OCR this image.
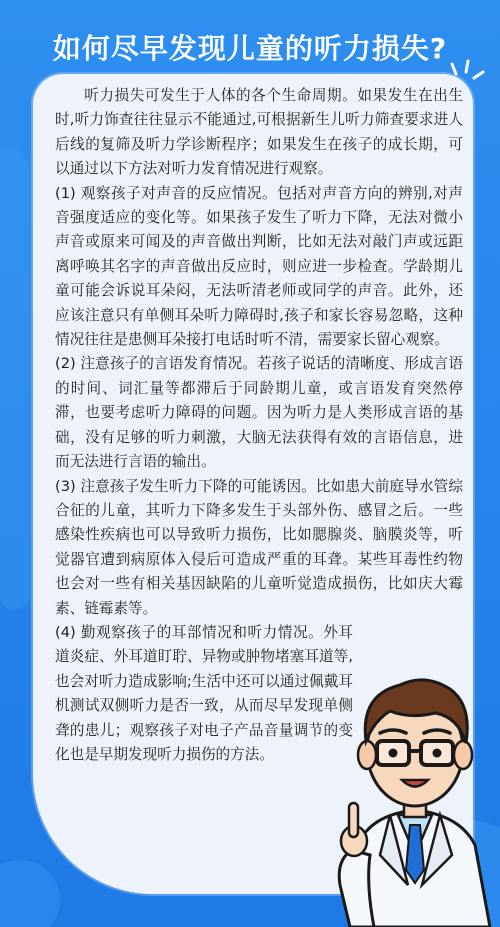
如何尽早发现儿童的听力损失?

听力损失可发生于人体的各个生命周期。如果发生在出生时,听力饰查往往显示不能通过,可根据新生儿听力筛查要求进人后线的复筛及听力学诊断程序；如果发生在孩子的成长期，可以通过以下方法对听力发育情况进行观察。

(1) 观察孩子对声音的反应情况。包括对声音方向的辨别,对声音强度适应的变化等。如果孩子发生了听力下降，无法对微小声音或原来可闻及的声音做出判断，比如无法对敲门声或远距离呼唤其名字的声音做出反应时，则应进一步检查。学龄期儿童可能会诉说耳朵闷，无法听清老师或同学的声音。此外，还应该注意只有单侧耳朵听力障碍时,孩子和家长容易忽略，这种情况往往是患侧耳朵接打电话时听不清，需要家长留心观察。

(2) 注意孩子的言语发育情况。若孩子说话的清晰度、形成言语的时间、词汇量等都滞后于同龄期儿童，或言语发育突然停滞，也要考虑听力障碍的问题。因为听力是人类形成言语的基础，没有足够的听力刺激，大脑无法获得有效的言语信息，进而无法进行言语的输出。

(3) 注意孩子发生听力下降的可能诱因。比如患大前庭导水管综合征的儿童，其听力下降多发生于头部外伤、感冒之后。一些感染性疾病也可以导致听力损伤，比如腮腺炎、脑膜炎等，听觉器官遭到病原体入侵后可造成严重的耳聋。某些耳毒性约物也会对一些有相关基因缺陷的儿童听觉造成损伤，比如庆大霉素、链霉素等。

(4) 勤观察孩子的耳部情况和听力情况。外耳道炎症、外耳道盯聍、异物或肿物堵塞耳道等,也会对听力造成影响;生活中还可以通过佩戴耳机测试双侧听力是否一致，从而尽早发现单侧聋的患儿；观察孩子对电子产品音量调节的变化也是早期发现听力损伤的方法。
